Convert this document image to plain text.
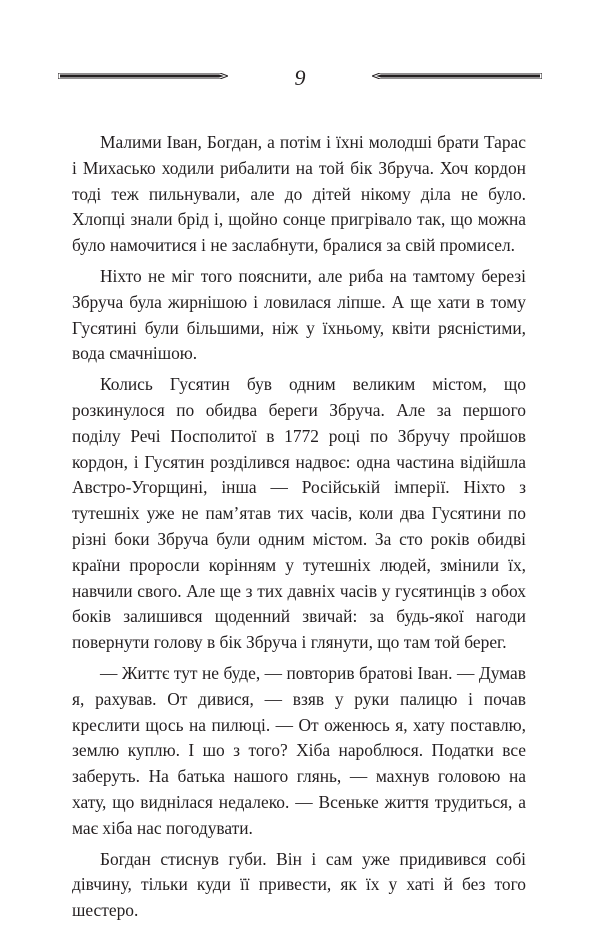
9

Малими Іван, Богдан, а потім і їхні молодші брати Тарас і Михасько ходили рибалити на той бік Збруча. Хоч кордон тоді теж пильнували, але до дітей нікому діла не було. Хлопці знали брід і, щойно сонце пригрівало так, що можна було намочитися і не заслабнути, бралися за свій промисел.

Ніхто не міг того пояснити, але риба на тамтому березі Збруча була жирнішою і ловилася ліпше. А ще хати в тому Гусятині були більшими, ніж у їхньому, квіти рясністими, вода смачнішою.

Колись Гусятин був одним великим містом, що розкинулося по обидва береги Збруча. Але за першого поділу Речі Посполитої в 1772 році по Збручу пройшов кордон, і Гусятин розділився надвоє: одна частина відійшла Австро-Угорщині, інша — Російській імперії. Ніхто з тутешніх уже не пам’ятав тих часів, коли два Гусятини по різні боки Збруча були одним містом. За сто років обидві країни проросли корінням у тутешніх людей, змінили їх, навчили свого. Але ще з тих давніх часів у гусятинців з обох боків залишився щоденний звичай: за будь-якої нагоди повернути голову в бік Збруча і глянути, що там той берег.

— Життє тут не буде, — повторив братові Іван. — Думав я, рахував. От дивися, — взяв у руки палицю і почав креслити щось на пилюці. — От оженюсь я, хату поставлю, землю куплю. І шо з того? Хіба нароблюся. Податки все заберуть. На батька нашого глянь, — махнув головою на хату, що виднілася недалеко. — Всеньке життя трудиться, а має хіба нас погодувати.

Богдан стиснув губи. Він і сам уже придивився собі дівчину, тільки куди її привести, як їх у хаті й без того шестеро.
